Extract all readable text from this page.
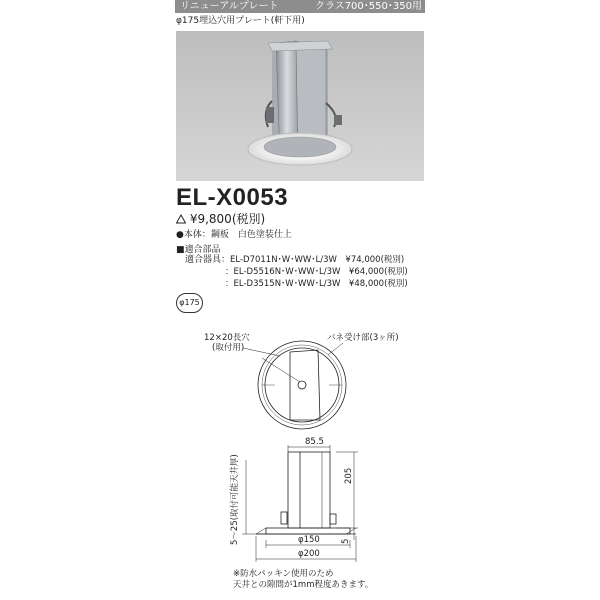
リニューアルプレート	クラス700･550･350用
φ175埋込穴用プレート(軒下用)
EL-X0053
¥9,800(税別)
●本体：鋼板　白色塗装仕上
■適合部品
適合器具： EL-D7011N･W･WW･L/3W　¥74,000(税別)
：EL-D5516N･W･WW･L/3W　¥64,000(税別)
：EL-D3515N･W･WW･L/3W　¥48,000(税別)
φ175
12×20長穴
(取付用)
バネ受け部(3ヶ所)
85.5
205
5〜25(取付可能天井厚)	5
φ150
φ200
※防水パッキン使用のため
天井との隙間が1mm程度あきます。
